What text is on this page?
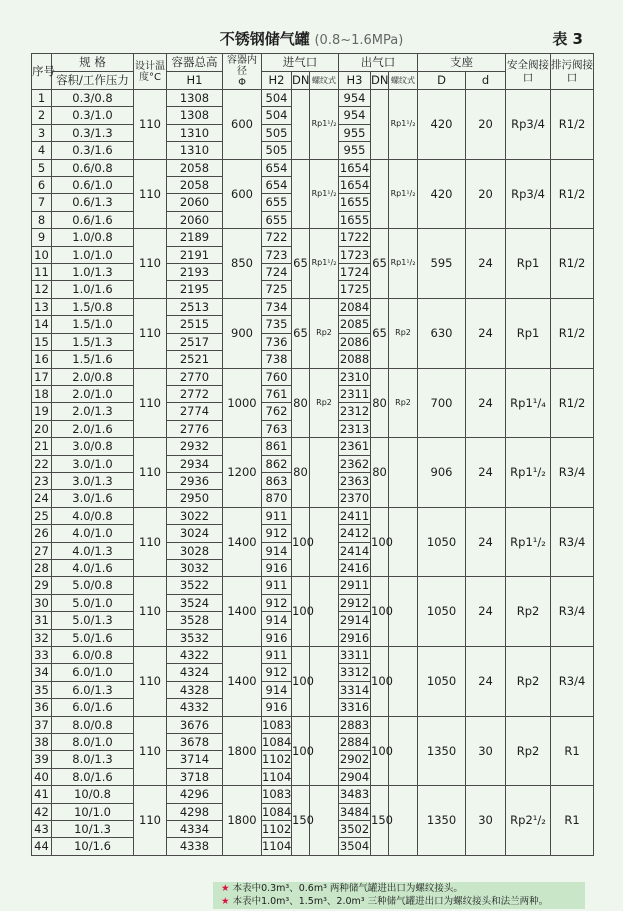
不锈钢储气罐 (0.8~1.6MPa)	表 3
序号	规 格	设计温度°C	容器总高	容器内径
Φ	进气口			出气口			支座		安全阀接口	排污阀接口
	容积/工作压力		H1		H2	DN	螺纹式	H3	DN	螺纹式	D	d		
1	0.3/0.8	110	1308	600	504		Rp1¹/₂	954		Rp1¹/₂	420	20	Rp3/4	R1/2
2	0.3/1.0		1308		504			954						
3	0.3/1.3		1310		505			955						
4	0.3/1.6		1310		505			955						
5	0.6/0.8	110	2058	600	654		Rp1¹/₂	1654		Rp1¹/₂	420	20	Rp3/4	R1/2
6	0.6/1.0		2058		654			1654						
7	0.6/1.3		2060		655			1655						
8	0.6/1.6		2060		655			1655						
9	1.0/0.8	110	2189	850	722	65	Rp1¹/₂	1722	65	Rp1¹/₂	595	24	Rp1	R1/2
10	1.0/1.0		2191		723			1723						
11	1.0/1.3		2193		724			1724						
12	1.0/1.6		2195		725			1725						
13	1.5/0.8	110	2513	900	734	65	Rp2	2084	65	Rp2	630	24	Rp1	R1/2
14	1.5/1.0		2515		735			2085						
15	1.5/1.3		2517		736			2086						
16	1.5/1.6		2521		738			2088						
17	2.0/0.8	110	2770	1000	760	80	Rp2	2310	80	Rp2	700	24	Rp1¹/₄	R1/2
18	2.0/1.0		2772		761			2311						
19	2.0/1.3		2774		762			2312						
20	2.0/1.6		2776		763			2313						
21	3.0/0.8	110	2932	1200	861	80		2361	80		906	24	Rp1¹/₂	R3/4
22	3.0/1.0		2934		862			2362						
23	3.0/1.3		2936		863			2363						
24	3.0/1.6		2950		870			2370						
25	4.0/0.8	110	3022	1400	911	100		2411	100		1050	24	Rp1¹/₂	R3/4
26	4.0/1.0		3024		912			2412						
27	4.0/1.3		3028		914			2414						
28	4.0/1.6		3032		916			2416						
29	5.0/0.8	110	3522	1400	911	100		2911	100		1050	24	Rp2	R3/4
30	5.0/1.0		3524		912			2912						
31	5.0/1.3		3528		914			2914						
32	5.0/1.6		3532		916			2916						
33	6.0/0.8	110	4322	1400	911	100		3311	100		1050	24	Rp2	R3/4
34	6.0/1.0		4324		912			3312						
35	6.0/1.3		4328		914			3314						
36	6.0/1.6		4332		916			3316						
37	8.0/0.8	110	3676	1800	1083	100		2883	100		1350	30	Rp2	R1
38	8.0/1.0		3678		1084			2884						
39	8.0/1.3		3714		1102			2902						
40	8.0/1.6		3718		1104			2904						
41	10/0.8	110	4296	1800	1083	150		3483	150		1350	30	Rp2¹/₂	R1
42	10/1.0		4298		1084			3484						
43	10/1.3		4334		1102			3502						
44	10/1.6		4338		1104			3504						
★ 本表中0.3m³、0.6m³ 两种储气罐进出口为螺纹接头。
★ 本表中1.0m³、1.5m³、2.0m³ 三种储气罐进出口为螺纹接头和法兰两种。
